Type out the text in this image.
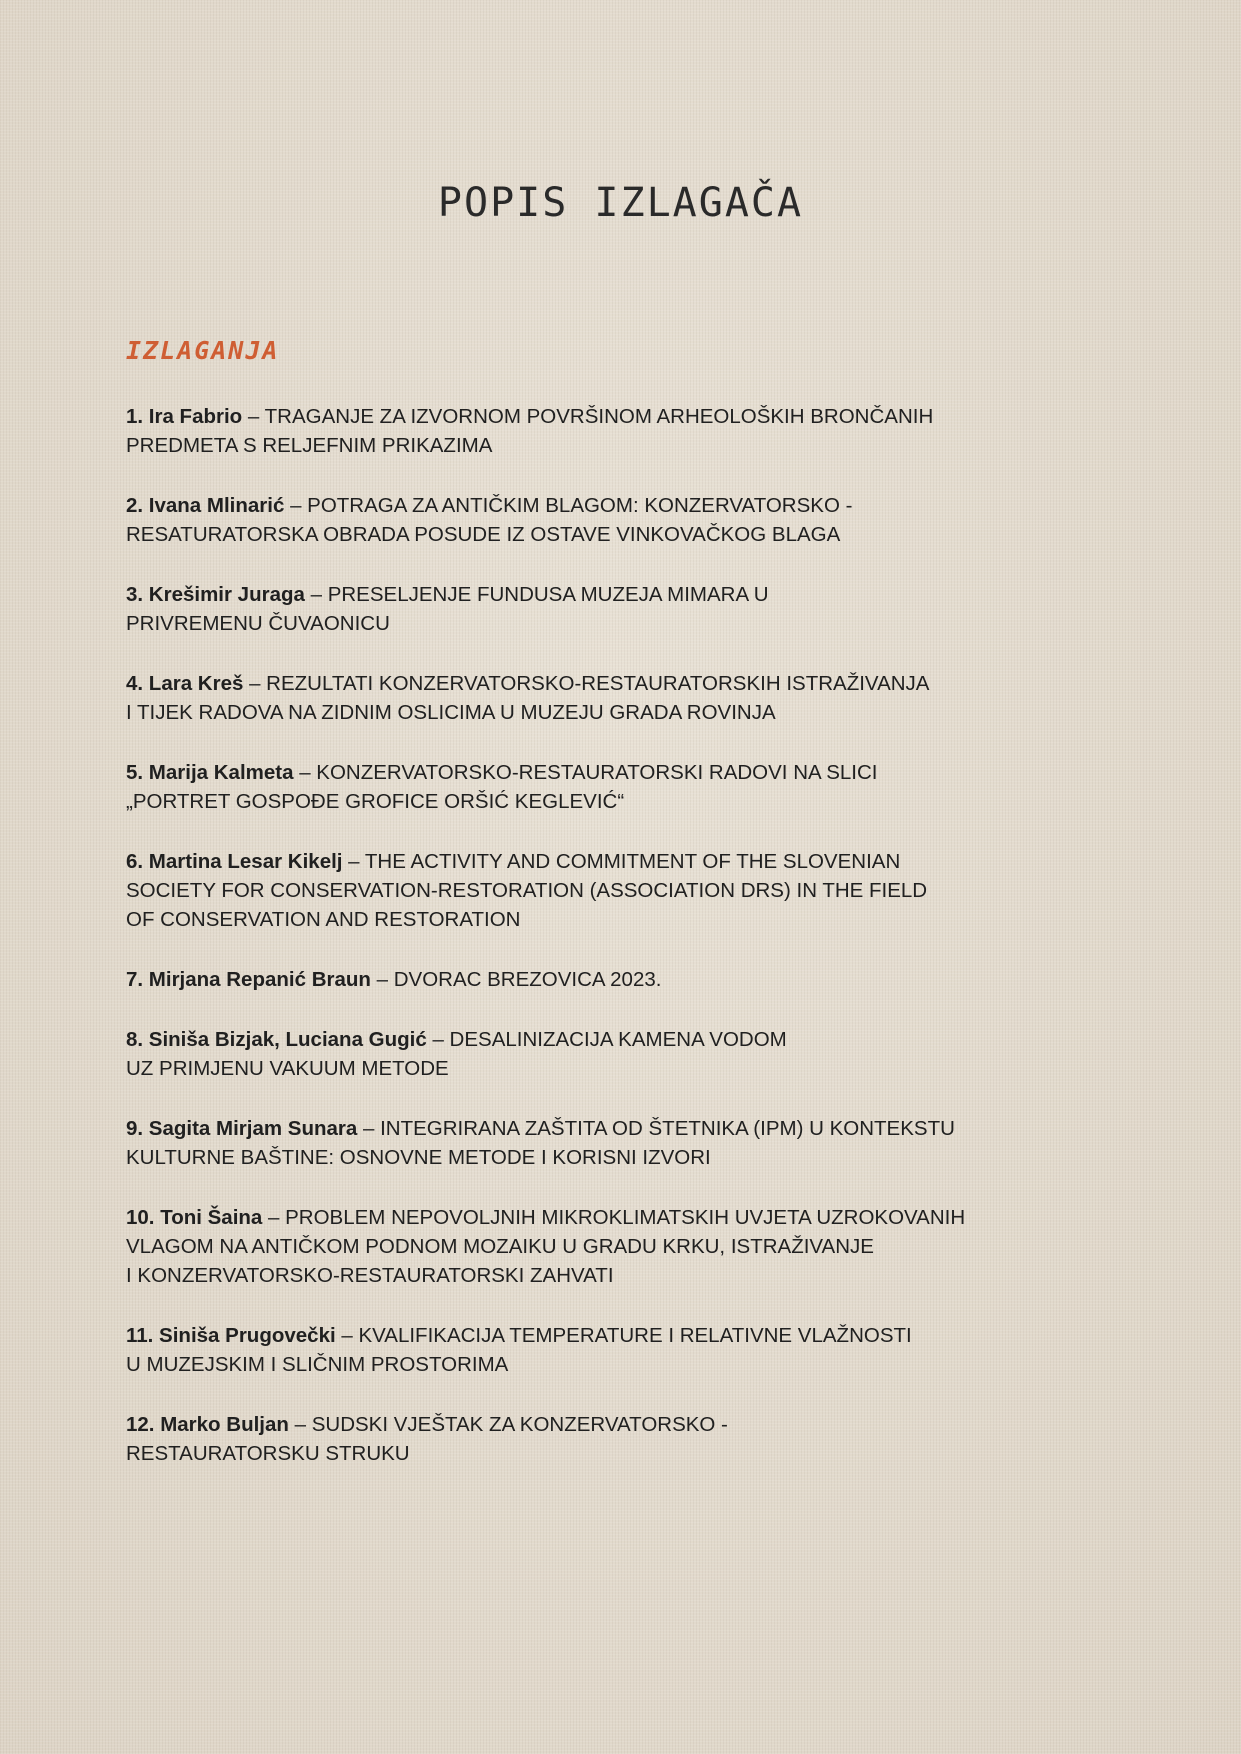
POPIS IZLAGAČA
IZLAGANJA
1. Ira Fabrio – TRAGANJE ZA IZVORNOM POVRŠINOM ARHEOLOŠKIH BRONČANIH
PREDMETA S RELJEFNIM PRIKAZIMA
2. Ivana Mlinarić – POTRAGA ZA ANTIČKIM BLAGOM: KONZERVATORSKO -
RESATURATORSKA OBRADA POSUDE IZ OSTAVE VINKOVAČKOG BLAGA
3. Krešimir Juraga – PRESELJENJE FUNDUSA MUZEJA MIMARA U
PRIVREMENU ČUVAONICU
4. Lara Kreš – REZULTATI KONZERVATORSKO-RESTAURATORSKIH ISTRAŽIVANJA
I TIJEK RADOVA NA ZIDNIM OSLICIMA U MUZEJU GRADA ROVINJA
5. Marija Kalmeta – KONZERVATORSKO-RESTAURATORSKI RADOVI NA SLICI
„PORTRET GOSPOĐE GROFICE ORŠIĆ KEGLEVIĆ“
6. Martina Lesar Kikelj – THE ACTIVITY AND COMMITMENT OF THE SLOVENIAN
SOCIETY FOR CONSERVATION-RESTORATION (ASSOCIATION DRS) IN THE FIELD
OF CONSERVATION AND RESTORATION
7. Mirjana Repanić Braun – DVORAC BREZOVICA 2023.
8. Siniša Bizjak, Luciana Gugić – DESALINIZACIJA KAMENA VODOM
UZ PRIMJENU VAKUUM METODE
9. Sagita Mirjam Sunara – INTEGRIRANA ZAŠTITA OD ŠTETNIKA (IPM) U KONTEKSTU
KULTURNE BAŠTINE: OSNOVNE METODE I KORISNI IZVORI
10. Toni Šaina – PROBLEM NEPOVOLJNIH MIKROKLIMATSKIH UVJETA UZROKOVANIH
VLAGOM NA ANTIČKOM PODNOM MOZAIKU U GRADU KRKU, ISTRAŽIVANJE
I KONZERVATORSKO-RESTAURATORSKI ZAHVATI
11. Siniša Prugovečki – KVALIFIKACIJA TEMPERATURE I RELATIVNE VLAŽNOSTI
U MUZEJSKIM I SLIČNIM PROSTORIMA
12. Marko Buljan – SUDSKI VJEŠTAK ZA KONZERVATORSKO -
RESTAURATORSKU STRUKU
